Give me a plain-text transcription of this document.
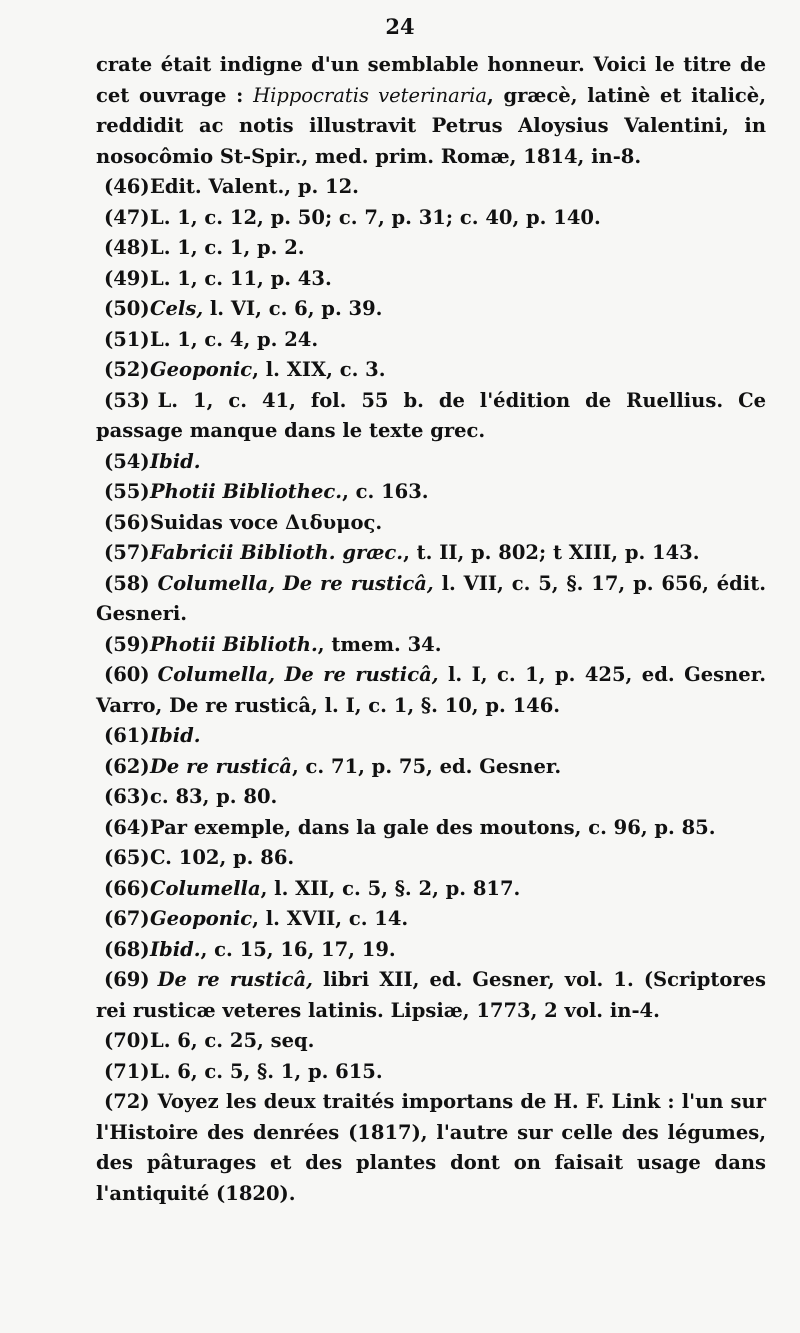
24
crate était indigne d'un semblable honneur. Voici le titre de cet ouvrage : Hippocratis veterinaria, græcè, latinè et italicè, reddidit ac notis illustravit Petrus Aloysius Valentini, in nosocômio St-Spir., med. prim. Romæ, 1814, in-8.
(46) Edit. Valent., p. 12.
(47) L. 1, c. 12, p. 50; c. 7, p. 31; c. 40, p. 140.
(48) L. 1, c. 1, p. 2.
(49) L. 1, c. 11, p. 43.
(50) Cels, l. VI, c. 6, p. 39.
(51) L. 1, c. 4, p. 24.
(52) Geoponic, l. XIX, c. 3.
(53) L. 1, c. 41, fol. 55 b. de l'édition de Ruellius. Ce passage manque dans le texte grec.
(54) Ibid.
(55) Photii Bibliothec., c. 163.
(56) Suidas voce Διδυμος.
(57) Fabricii Biblioth. græc., t. II, p. 802; t XIII, p. 143.
(58) Columella, De re rusticâ, l. VII, c. 5, §. 17, p. 656, édit. Gesneri.
(59) Photii Biblioth., tmem. 34.
(60) Columella, De re rusticâ, l. I, c. 1, p. 425, ed. Gesner. Varro, De re rusticâ, l. I, c. 1, §. 10, p. 146.
(61) Ibid.
(62) De re rusticâ, c. 71, p. 75, ed. Gesner.
(63) c. 83, p. 80.
(64) Par exemple, dans la gale des moutons, c. 96, p. 85.
(65) C. 102, p. 86.
(66) Columella, l. XII, c. 5, §. 2, p. 817.
(67) Geoponic, l. XVII, c. 14.
(68) Ibid., c. 15, 16, 17, 19.
(69) De re rusticâ, libri XII, ed. Gesner, vol. 1. (Scriptores rei rusticæ veteres latinis. Lipsiæ, 1773, 2 vol. in-4.
(70) L. 6, c. 25, seq.
(71) L. 6, c. 5, §. 1, p. 615.
(72) Voyez les deux traités importans de H. F. Link : l'un sur l'Histoire des denrées (1817), l'autre sur celle des légumes, des pâturages et des plantes dont on faisait usage dans l'antiquité (1820).
